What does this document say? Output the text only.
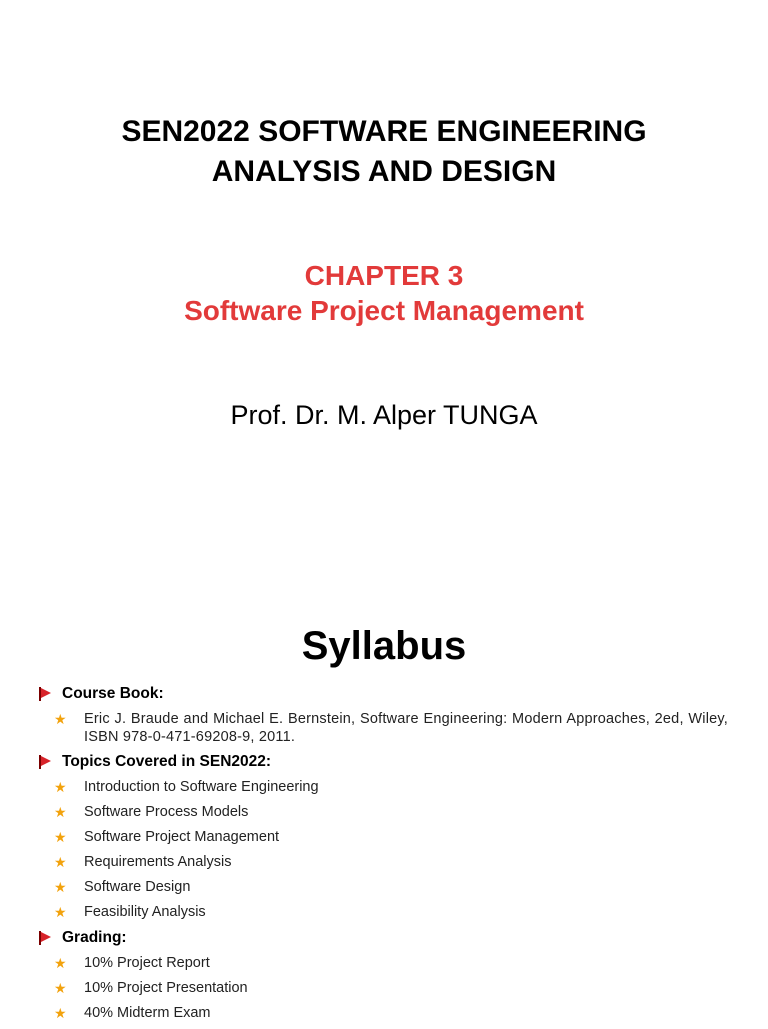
SEN2022 SOFTWARE ENGINEERING
ANALYSIS AND DESIGN
CHAPTER 3
Software Project Management
Prof. Dr. M. Alper TUNGA
Syllabus
Course Book:
★ Eric J. Braude and Michael E. Bernstein, Software Engineering: Modern Approaches, 2ed, Wiley, ISBN 978-0-471-69208-9, 2011.
Topics Covered in SEN2022:
★ Introduction to Software Engineering
★ Software Process Models
★ Software Project Management
★ Requirements Analysis
★ Software Design
★ Feasibility Analysis
Grading:
★ 10% Project Report
★ 10% Project Presentation
★ 40% Midterm Exam
